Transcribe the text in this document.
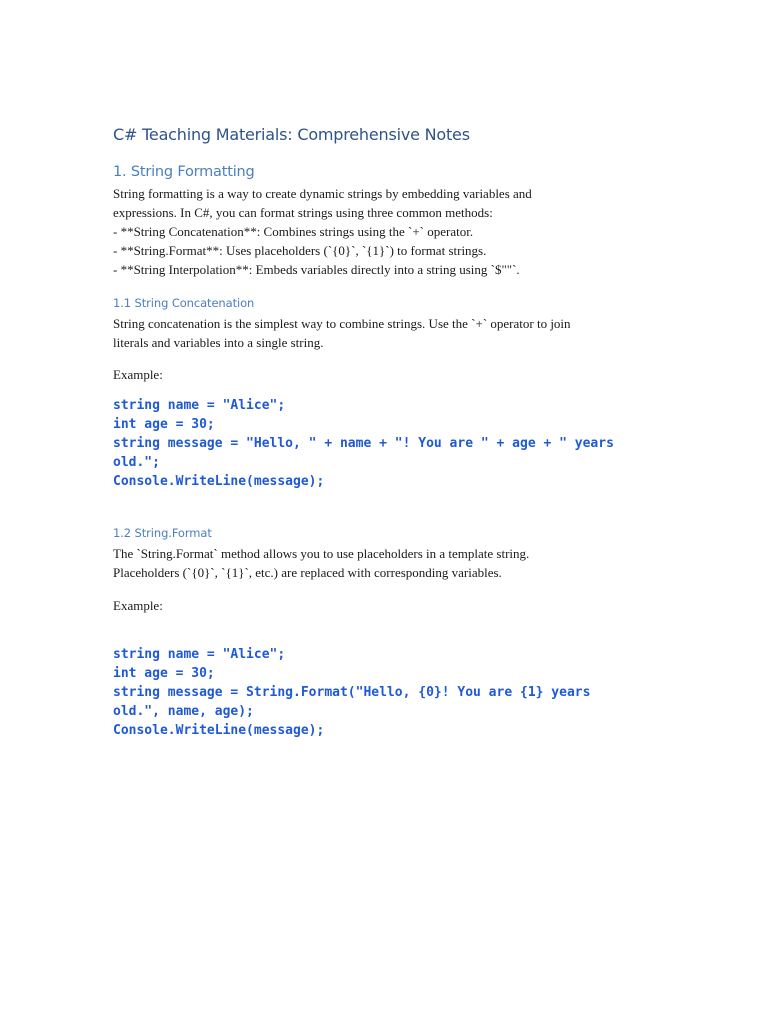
C# Teaching Materials: Comprehensive Notes
1. String Formatting

String formatting is a way to create dynamic strings by embedding variables and

expressions. In C#, you can format strings using three common methods:

- **String Concatenation**: Combines strings using the `+` operator.

- **String.Format**: Uses placeholders (`{0}`, `{1}`) to format strings.

- **String Interpolation**: Embeds variables directly into a string using `$""`.

1.1 String Concatenation

String concatenation is the simplest way to combine strings. Use the `+` operator to join

literals and variables into a single string.

Example:

string name = "Alice";
int age = 30;
string message = "Hello, " + name + "! You are " + age + " years
old.";
Console.WriteLine(message);
1.2 String.Format

The `String.Format` method allows you to use placeholders in a template string.

Placeholders (`{0}`, `{1}`, etc.) are replaced with corresponding variables.

Example:

string name = "Alice";
int age = 30;
string message = String.Format("Hello, {0}! You are {1} years
old.", name, age);
Console.WriteLine(message);
